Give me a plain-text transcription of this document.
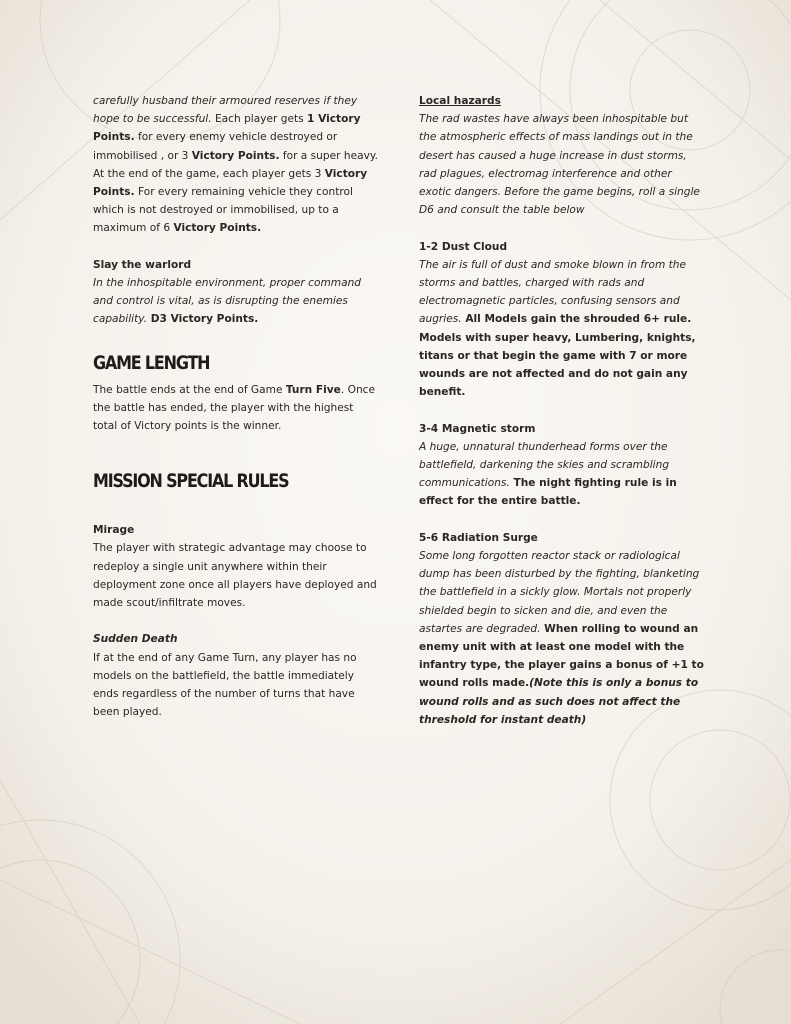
carefully husband their armoured reserves if they hope to be successful. Each player gets 1 Victory Points. for every enemy vehicle destroyed or immobilised , or 3 Victory Points. for a super heavy. At the end of the game, each player gets 3 Victory Points. For every remaining vehicle they control which is not destroyed or immobilised, up to a maximum of 6 Victory Points.

Slay the warlord

In the inhospitable environment, proper command and control is vital, as is disrupting the enemies capability. D3 Victory Points.

GAME LENGTH

The battle ends at the end of Game Turn Five. Once the battle has ended, the player with the highest total of Victory points is the winner.

MISSION SPECIAL RULES

Mirage

The player with strategic advantage may choose to redeploy a single unit anywhere within their deployment zone once all players have deployed and made scout/infiltrate moves.

Sudden Death

If at the end of any Game Turn, any player has no models on the battlefield, the battle immediately ends regardless of the number of turns that have been played.

Local hazards

The rad wastes have always been inhospitable but the atmospheric effects of mass landings out in the desert has caused a huge increase in dust storms, rad plagues, electromag interference and other exotic dangers. Before the game begins, roll a single D6 and consult the table below

1-2 Dust Cloud

The air is full of dust and smoke blown in from the storms and battles, charged with rads and electromagnetic particles, confusing sensors and augries. All Models gain the shrouded 6+ rule. Models with super heavy, Lumbering, knights, titans or that begin the game with 7 or more wounds are not affected and do not gain any benefit.

3-4 Magnetic storm

A huge, unnatural thunderhead forms over the battlefield, darkening the skies and scrambling communications. The night fighting rule is in effect for the entire battle.

5-6 Radiation Surge

Some long forgotten reactor stack or radiological dump has been disturbed by the fighting, blanketing the battlefield in a sickly glow. Mortals not properly shielded begin to sicken and die, and even the astartes are degraded. When rolling to wound an enemy unit with at least one model with the infantry type, the player gains a bonus of +1 to wound rolls made.(Note this is only a bonus to wound rolls and as such does not affect the threshold for instant death)
